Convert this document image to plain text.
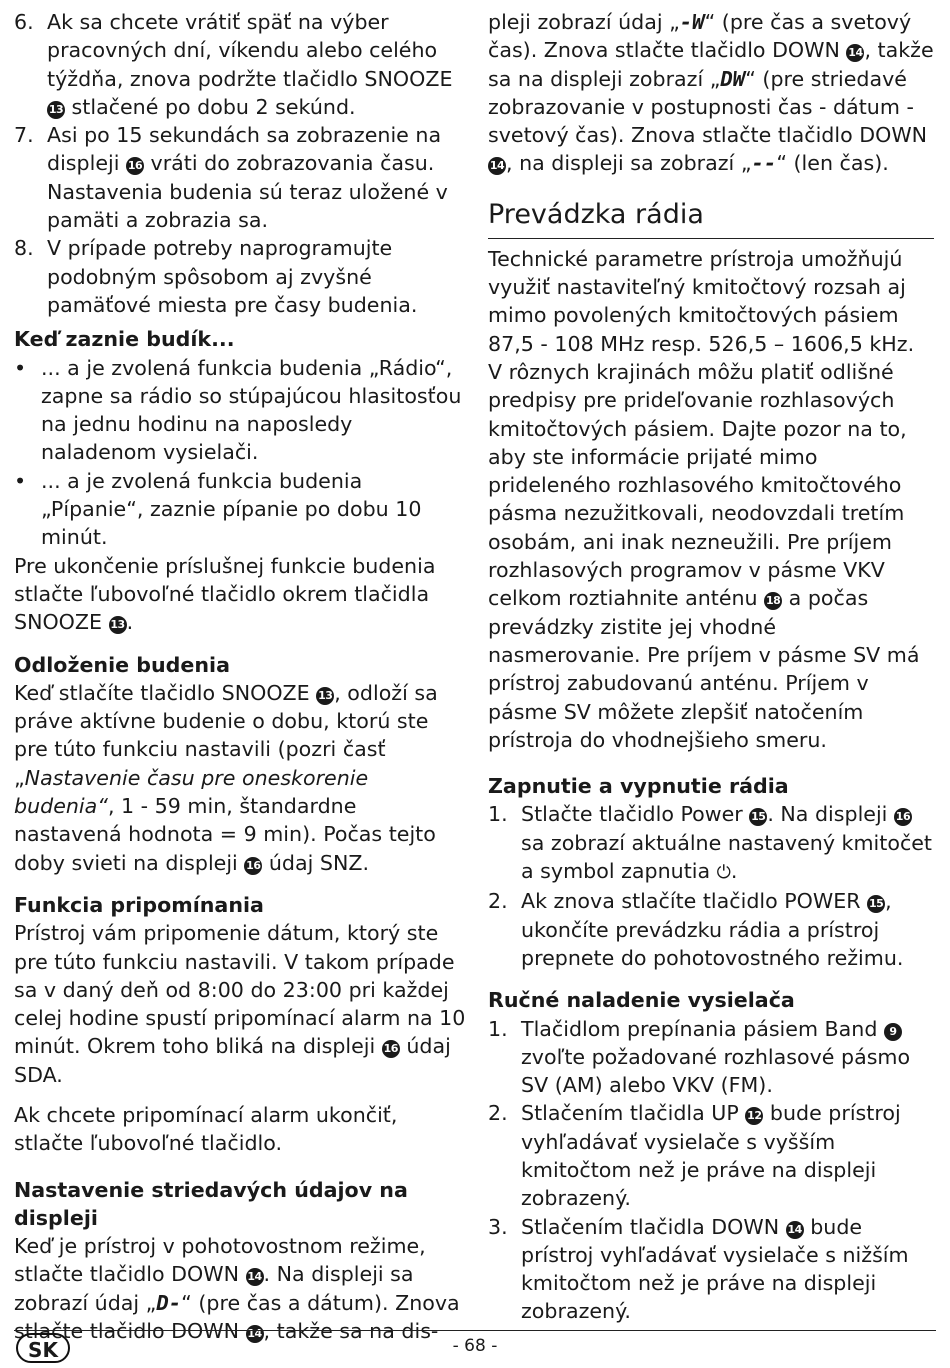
6. Ak sa chcete vrátiť späť na výber pracovných dní, víkendu alebo celého týždňa, znova podržte tlačidlo SNOOZE 13 stlačené po dobu 2 sekúnd.
7. Asi po 15 sekundách sa zobrazenie na displeji 16 vráti do zobrazovania času. Nastavenia budenia sú teraz uložené v pamäti a zobrazia sa.
8. V prípade potreby naprogramujte podobným spôsobom aj zvyšné pamäťové miesta pre časy budenia.

Keď zaznie budík...

• ... a je zvolená funkcia budenia „Rádio“, zapne sa rádio so stúpajúcou hlasitosťou na jednu hodinu na naposledy naladenom vysielači.
• ... a je zvolená funkcia budenia „Pípanie“, zaznie pípanie po dobu 10 minút.

Pre ukončenie príslušnej funkcie budenia stlačte ľubovoľné tlačidlo okrem tlačidla SNOOZE 13.

Odloženie budenia

Keď stlačíte tlačidlo SNOOZE 13, odloží sa práve aktívne budenie o dobu, ktorú ste pre túto funkciu nastavili (pozri časť „Nastavenie času pre oneskorenie budenia“, 1 - 59 min, štandardne nastavená hodnota = 9 min). Počas tejto doby svieti na displeji 16 údaj SNZ.

Funkcia pripomínania

Prístroj vám pripomenie dátum, ktorý ste pre túto funkciu nastavili. V takom prípade sa v daný deň od 8:00 do 23:00 pri každej celej hodine spustí pripomínací alarm na 10 minút. Okrem toho bliká na displeji 16 údaj SDA.

Ak chcete pripomínací alarm ukončiť, stlačte ľubovoľné tlačidlo.

Nastavenie striedavých údajov na displeji

Keď je prístroj v pohotovostnom režime, stlačte tlačidlo DOWN 14. Na displeji sa zobrazí údaj „D-“ (pre čas a dátum). Znova stlačte tlačidlo DOWN 14, takže sa na dis-

pleji zobrazí údaj „-W“ (pre čas a svetový čas). Znova stlačte tlačidlo DOWN 14, takže sa na displeji zobrazí „DW“ (pre striedavé zobrazovanie v postupnosti čas - dátum - svetový čas). Znova stlačte tlačidlo DOWN 14, na displeji sa zobrazí „--“ (len čas).

Prevádzka rádia

Technické parametre prístroja umožňujú využiť nastaviteľný kmitočtový rozsah aj mimo povolených kmitočtových pásiem 87,5 - 108 MHz resp. 526,5 – 1606,5 kHz. V rôznych krajinách môžu platiť odlišné predpisy pre prideľovanie rozhlasových kmitočtových pásiem. Dajte pozor na to, aby ste informácie prijaté mimo prideleného rozhlasového kmitočtového pásma nezužitkovali, neodovzdali tretím osobám, ani inak nezneužili. Pre príjem rozhlasových programov v pásme VKV celkom roztiahnite anténu 18 a počas prevádzky zistite jej vhodné nasmerovanie. Pre príjem v pásme SV má prístroj zabudovanú anténu. Príjem v pásme SV môžete zlepšiť natočením prístroja do vhodnejšieho smeru.

Zapnutie a vypnutie rádia

1. Stlačte tlačidlo Power 15. Na displeji 16 sa zobrazí aktuálne nastavený kmitočet a symbol zapnutia ⏻.
2. Ak znova stlačíte tlačidlo POWER 15, ukončíte prevádzku rádia a prístroj prepnete do pohotovostného režimu.

Ručné naladenie vysielača

1. Tlačidlom prepínania pásiem Band 9 zvoľte požadované rozhlasové pásmo SV (AM) alebo VKV (FM).
2. Stlačením tlačidla UP 12 bude prístroj vyhľadávať vysielače s vyšším kmitočtom než je práve na displeji zobrazený.
3. Stlačením tlačidla DOWN 14 bude prístroj vyhľadávať vysielače s nižším kmitočtom než je práve na displeji zobrazený.
SK	- 68 -
